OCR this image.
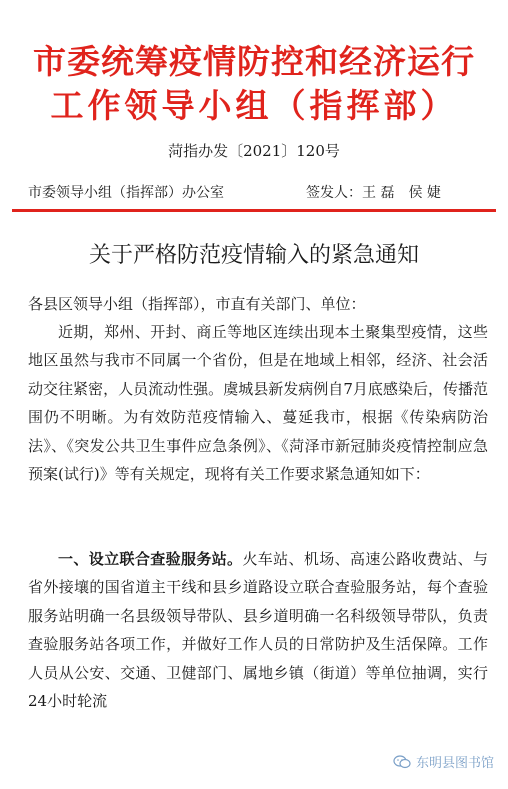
市委统筹疫情防控和经济运行
工作领导小组（指挥部）
菏指办发〔2021〕120号
市委领导小组（指挥部）办公室	签发人：王 磊　侯 婕
关于严格防范疫情输入的紧急通知
各县区领导小组（指挥部），市直有关部门、单位：
近期，郑州、开封、商丘等地区连续出现本土聚集型疫情，这些地区虽然与我市不同属一个省份，但是在地域上相邻，经济、社会活动交往紧密，人员流动性强。虞城县新发病例自7月底感染后，传播范围仍不明晰。为有效防范疫情输入、蔓延我市，根据《传染病防治法》、《突发公共卫生事件应急条例》、《菏泽市新冠肺炎疫情控制应急预案(试行)》等有关规定，现将有关工作要求紧急通知如下：
一、设立联合查验服务站。火车站、机场、高速公路收费站、与省外接壤的国省道主干线和县乡道路设立联合查验服务站，每个查验服务站明确一名县级领导带队、县乡道明确一名科级领导带队，负责查验服务站各项工作，并做好工作人员的日常防护及生活保障。工作人员从公安、交通、卫健部门、属地乡镇（街道）等单位抽调，实行24小时轮流
东明县图书馆
